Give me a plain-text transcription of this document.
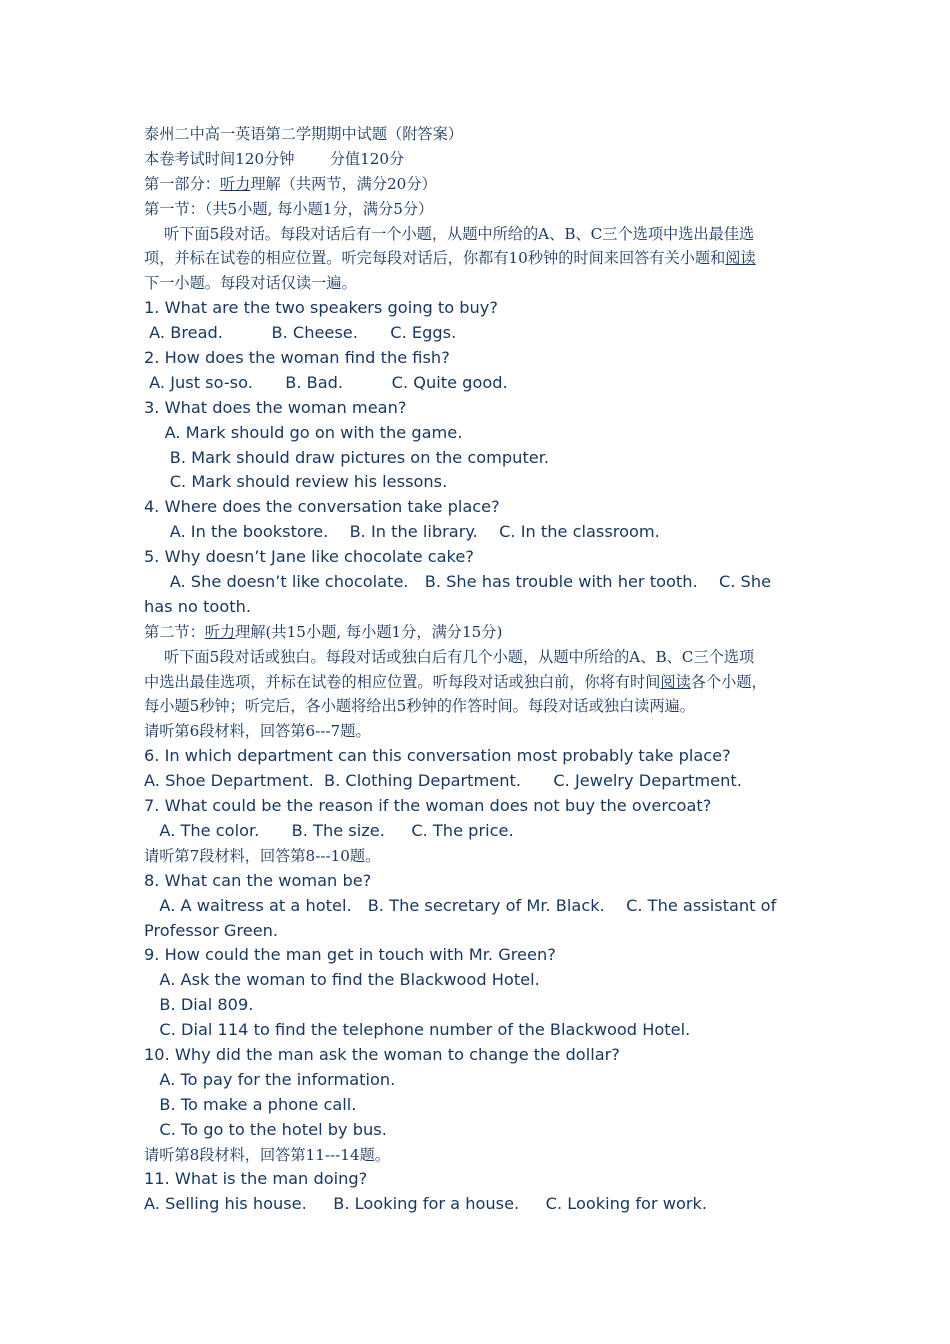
泰州二中高一英语第二学期期中试题（附答案）
本卷考试时间120分钟　　 分值120分
第一部分：听力理解（共两节，满分20分）
第一节：（共5小题, 每小题1分，满分5分）
　 听下面5段对话。每段对话后有一个小题，从题中所给的A、B、C三个选项中选出最佳选
项，并标在试卷的相应位置。听完每段对话后，你都有10秒钟的时间来回答有关小题和阅读
下一小题。每段对话仅读一遍。
1. What are the two speakers going to buy?
A. Bread.　　　B. Cheese.　　C. Eggs.
2. How does the woman find the fish?
A. Just so-so.　　B. Bad.　　　C. Quite good.
3. What does the woman mean?
A. Mark should go on with the game.
B. Mark should draw pictures on the computer.
C. Mark should review his lessons.
4. Where does the conversation take place?
A. In the bookstore.　 B. In the library.　 C. In the classroom.
5. Why doesn’t Jane like chocolate cake?
A. She doesn’t like chocolate.　B. She has trouble with her tooth.　 C. She
has no tooth.
第二节：听力理解(共15小题, 每小题1分，满分15分)
　 听下面5段对话或独白。每段对话或独白后有几个小题，从题中所给的A、B、C三个选项
中选出最佳选项，并标在试卷的相应位置。听每段对话或独白前，你将有时间阅读各个小题，
每小题5秒钟；听完后，各小题将给出5秒钟的作答时间。每段对话或独白读两遍。
请听第6段材料，回答第6---7题。
6. In which department can this conversation most probably take place?
A. Shoe Department.  B. Clothing Department.　　C. Jewelry Department.
7. What could be the reason if the woman does not buy the overcoat?
A. The color.　　B. The size.　  C. The price.
请听第7段材料，回答第8---10题。
8. What can the woman be?
A. A waitress at a hotel.　B. The secretary of Mr. Black.　 C. The assistant of
Professor Green.
9. How could the man get in touch with Mr. Green?
A. Ask the woman to find the Blackwood Hotel.
B. Dial 809.
C. Dial 114 to find the telephone number of the Blackwood Hotel.
10. Why did the man ask the woman to change the dollar?
A. To pay for the information.
B. To make a phone call.
C. To go to the hotel by bus.
请听第8段材料，回答第11---14题。
11. What is the man doing?
A. Selling his house.　  B. Looking for a house.　  C. Looking for work.
